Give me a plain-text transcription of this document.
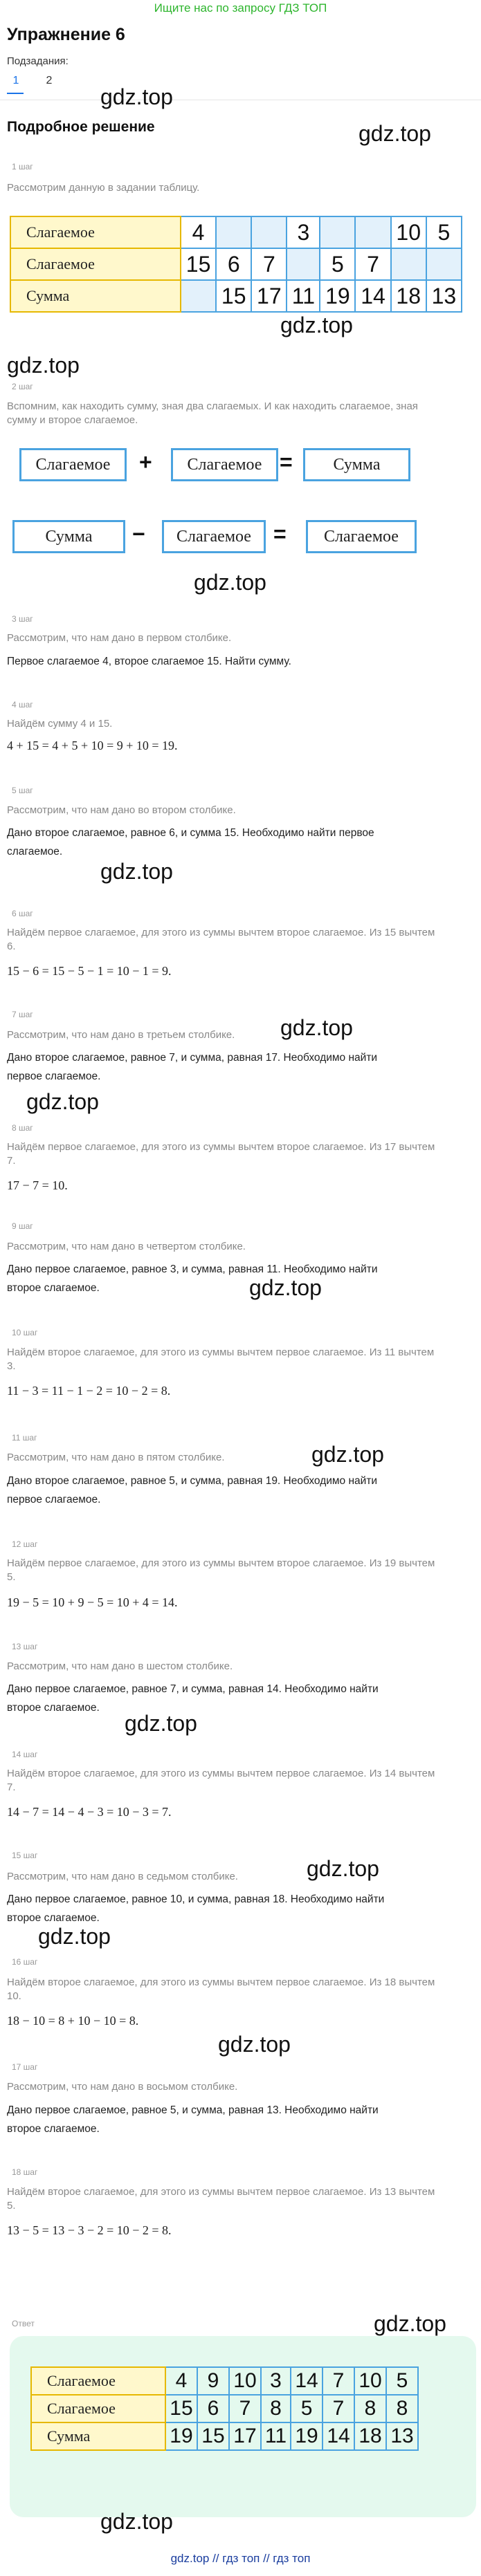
Ищите нас по запросу ГДЗ ТОП
Упражнение 6
Подзадания:
1	2
gdz.top
gdz.top
Подробное решение
1 шаг
Рассмотрим данную в задании таблицу.
Слагаемое	4			3			10	5
Слагаемое	15	6	7		5	7		
Сумма		15	17	11	19	14	18	13
gdz.top
gdz.top
2 шаг
Вспомним, как находить сумму, зная два слагаемых. И как находить слагаемое, зная
сумму и второе слагаемое.
Слагаемое	+	Слагаемое =	Сумма
Сумма	−	Слагаемое	=	Слагаемое
gdz.top
3 шаг
Рассмотрим, что нам дано в первом столбике.
Первое слагаемое 4, второе слагаемое 15. Найти сумму.
4 шаг
Найдём сумму 4 и 15.
4 + 15 = 4 + 5 + 10 = 9 + 10 = 19.
5 шаг
Рассмотрим, что нам дано во втором столбике.
Дано второе слагаемое, равное 6, и сумма 15. Необходимо найти первое
слагаемое.
gdz.top
6 шаг
Найдём первое слагаемое, для этого из суммы вычтем второе слагаемое. Из 15 вычтем
6.
15 − 6 = 15 − 5 − 1 = 10 − 1 = 9.
7 шаг
gdz.top
Рассмотрим, что нам дано в третьем столбике.
Дано второе слагаемое, равное 7, и сумма, равная 17. Необходимо найти
первое слагаемое.
gdz.top
8 шаг
Найдём первое слагаемое, для этого из суммы вычтем второе слагаемое. Из 17 вычтем
7.
17 − 7 = 10.
9 шаг
Рассмотрим, что нам дано в четвертом столбике.
Дано первое слагаемое, равное 3, и сумма, равная 11. Необходимо найти
второе слагаемое.	gdz.top
10 шаг
Найдём второе слагаемое, для этого из суммы вычтем первое слагаемое. Из 11 вычтем
3.
11 − 3 = 11 − 1 − 2 = 10 − 2 = 8.
11 шаг
gdz.top
Рассмотрим, что нам дано в пятом столбике.
Дано второе слагаемое, равное 5, и сумма, равная 19. Необходимо найти
первое слагаемое.
12 шаг
Найдём первое слагаемое, для этого из суммы вычтем второе слагаемое. Из 19 вычтем
5.
19 − 5 = 10 + 9 − 5 = 10 + 4 = 14.
13 шаг
Рассмотрим, что нам дано в шестом столбике.
Дано первое слагаемое, равное 7, и сумма, равная 14. Необходимо найти
второе слагаемое.
gdz.top
14 шаг
Найдём второе слагаемое, для этого из суммы вычтем первое слагаемое. Из 14 вычтем
7.
14 − 7 = 14 − 4 − 3 = 10 − 3 = 7.
15 шаг
gdz.top
Рассмотрим, что нам дано в седьмом столбике.
Дано первое слагаемое, равное 10, и сумма, равная 18. Необходимо найти
второе слагаемое.
gdz.top
16 шаг
Найдём второе слагаемое, для этого из суммы вычтем первое слагаемое. Из 18 вычтем
10.
18 − 10 = 8 + 10 − 10 = 8.
gdz.top
17 шаг
Рассмотрим, что нам дано в восьмом столбике.
Дано первое слагаемое, равное 5, и сумма, равная 13. Необходимо найти
второе слагаемое.
18 шаг
Найдём второе слагаемое, для этого из суммы вычтем первое слагаемое. Из 13 вычтем
5.
13 − 5 = 13 − 3 − 2 = 10 − 2 = 8.
gdz.top
Ответ
Слагаемое	4	9	10	3	14	7	10	5
Слагаемое	15	6	7	8	5	7	8	8
Сумма	19	15	17	11	19	14	18	13
gdz.top
gdz.top // гдз топ // гдз топ
